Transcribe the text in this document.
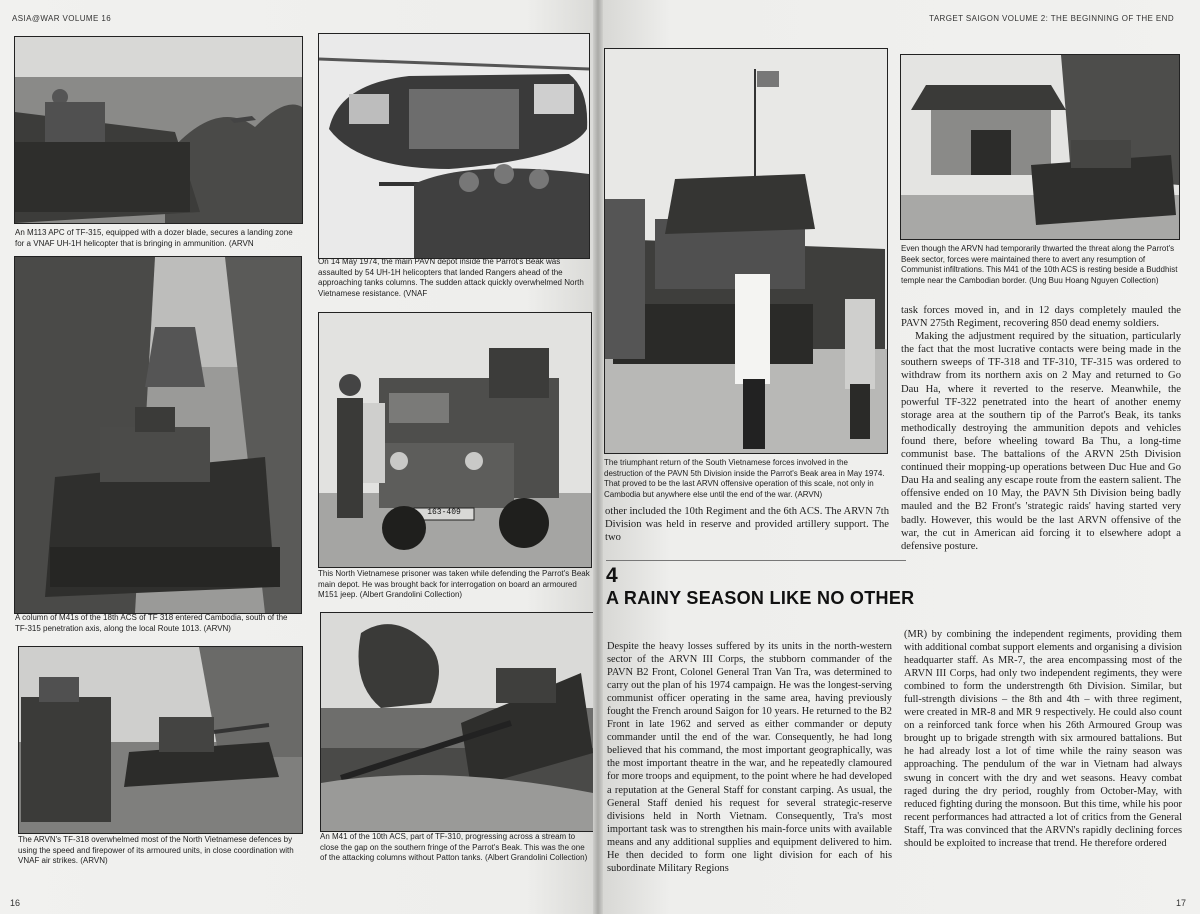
ASIA@WAR VOLUME 16

An M113 APC of TF-315, equipped with a dozer blade, secures a landing zone for a VNAF UH-1H helicopter that is bringing in ammunition. (ARVN

On 14 May 1974, the main PAVN depot inside the Parrot's Beak was assaulted by 54 UH-1H helicopters that landed Rangers ahead of the approaching tanks columns. The sudden attack quickly overwhelmed North Vietnamese resistance. (VNAF

A column of M41s of the 18th ACS of TF 318 entered Cambodia, south of the TF-315 penetration axis, along the local Route 1013. (ARVN)

163-409

This North Vietnamese prisoner was taken while defending the Parrot's Beak main depot. He was brought back for interrogation on board an armoured M151 jeep. (Albert Grandolini Collection)

The ARVN's TF-318 overwhelmed most of the North Vietnamese defences by using the speed and firepower of its armoured units, in close coordination with VNAF air strikes. (ARVN)

An M41 of the 10th ACS, part of TF-310, progressing across a stream to close the gap on the southern fringe of the Parrot's Beak. This was the one of the attacking columns without Patton tanks. (Albert Grandolini Collection)

16
TARGET SAIGON VOLUME 2: THE BEGINNING OF THE END

The triumphant return of the South Vietnamese forces involved in the destruction of the PAVN 5th Division inside the Parrot's Beak area in May 1974. That proved to be the last ARVN offensive operation of this scale, not only in Cambodia but anywhere else until the end of the war. (ARVN)

Even though the ARVN had temporarily thwarted the threat along the Parrot's Beek sector, forces were maintained there to avert any resumption of Communist infiltrations. This M41 of the 10th ACS is resting beside a Buddhist temple near the Cambodian border. (Ung Buu Hoang Nguyen Collection)

other included the 10th Regiment and the 6th ACS. The ARVN 7th Division was held in reserve and provided artillery support. The two

task forces moved in, and in 12 days completely mauled the PAVN 275th Regiment, recovering 850 dead enemy soldiers.

Making the adjustment required by the situation, particularly the fact that the most lucrative contacts were being made in the southern sweeps of TF-318 and TF-310, TF-315 was ordered to withdraw from its northern axis on 2 May and returned to Go Dau Ha, where it reverted to the reserve. Meanwhile, the powerful TF-322 penetrated into the heart of another enemy storage area at the southern tip of the Parrot's Beak, its tanks methodically destroying the ammunition depots and vehicles found there, before wheeling toward Ba Thu, a long-time communist base. The battalions of the ARVN 25th Division continued their mopping-up operations between Duc Hue and Go Dau Ha and sealing any escape route from the eastern salient. The offensive ended on 10 May, the PAVN 5th Division being badly mauled and the B2 Front's 'strategic raids' having started very badly. However, this would be the last ARVN offensive of the war, the cut in American aid forcing it to elsewhere adopt a defensive posture.

4
A RAINY SEASON LIKE NO OTHER

Despite the heavy losses suffered by its units in the north-western sector of the ARVN III Corps, the stubborn commander of the PAVN B2 Front, Colonel General Tran Van Tra, was determined to carry out the plan of his 1974 campaign. He was the longest-serving communist officer operating in the same area, having previously fought the French around Saigon for 10 years. He returned to the B2 Front in late 1962 and served as either commander or deputy commander until the end of the war. Consequently, he had long believed that his command, the most important geographically, was the most important theatre in the war, and he repeatedly clamoured for more troops and equipment, to the point where he had developed a reputation at the General Staff for constant carping. As usual, the General Staff denied his request for several strategic-reserve divisions held in North Vietnam. Consequently, Tra's most important task was to strengthen his main-force units with available means and any additional supplies and equipment delivered to him. He then decided to form one light division for each of his subordinate Military Regions

(MR) by combining the independent regiments, providing them with additional combat support elements and organising a division headquarter staff. As MR-7, the area encompassing most of the ARVN III Corps, had only two independent regiments, they were combined to form the understrength 6th Division. Similar, but full-strength divisions – the 8th and 4th – with three regiment, were created in MR-8 and MR 9 respectively. He could also count on a reinforced tank force when his 26th Armoured Group was brought up to brigade strength with six armoured battalions. But he had already lost a lot of time while the rainy season was approaching. The pendulum of the war in Vietnam had always swung in concert with the dry and wet seasons. Heavy combat raged during the dry period, roughly from October-May, with reduced fighting during the monsoon. But this time, while his poor recent performances had attracted a lot of critics from the General Staff, Tra was convinced that the ARVN's rapidly declining forces should be exploited to increase that trend. He therefore ordered

17
